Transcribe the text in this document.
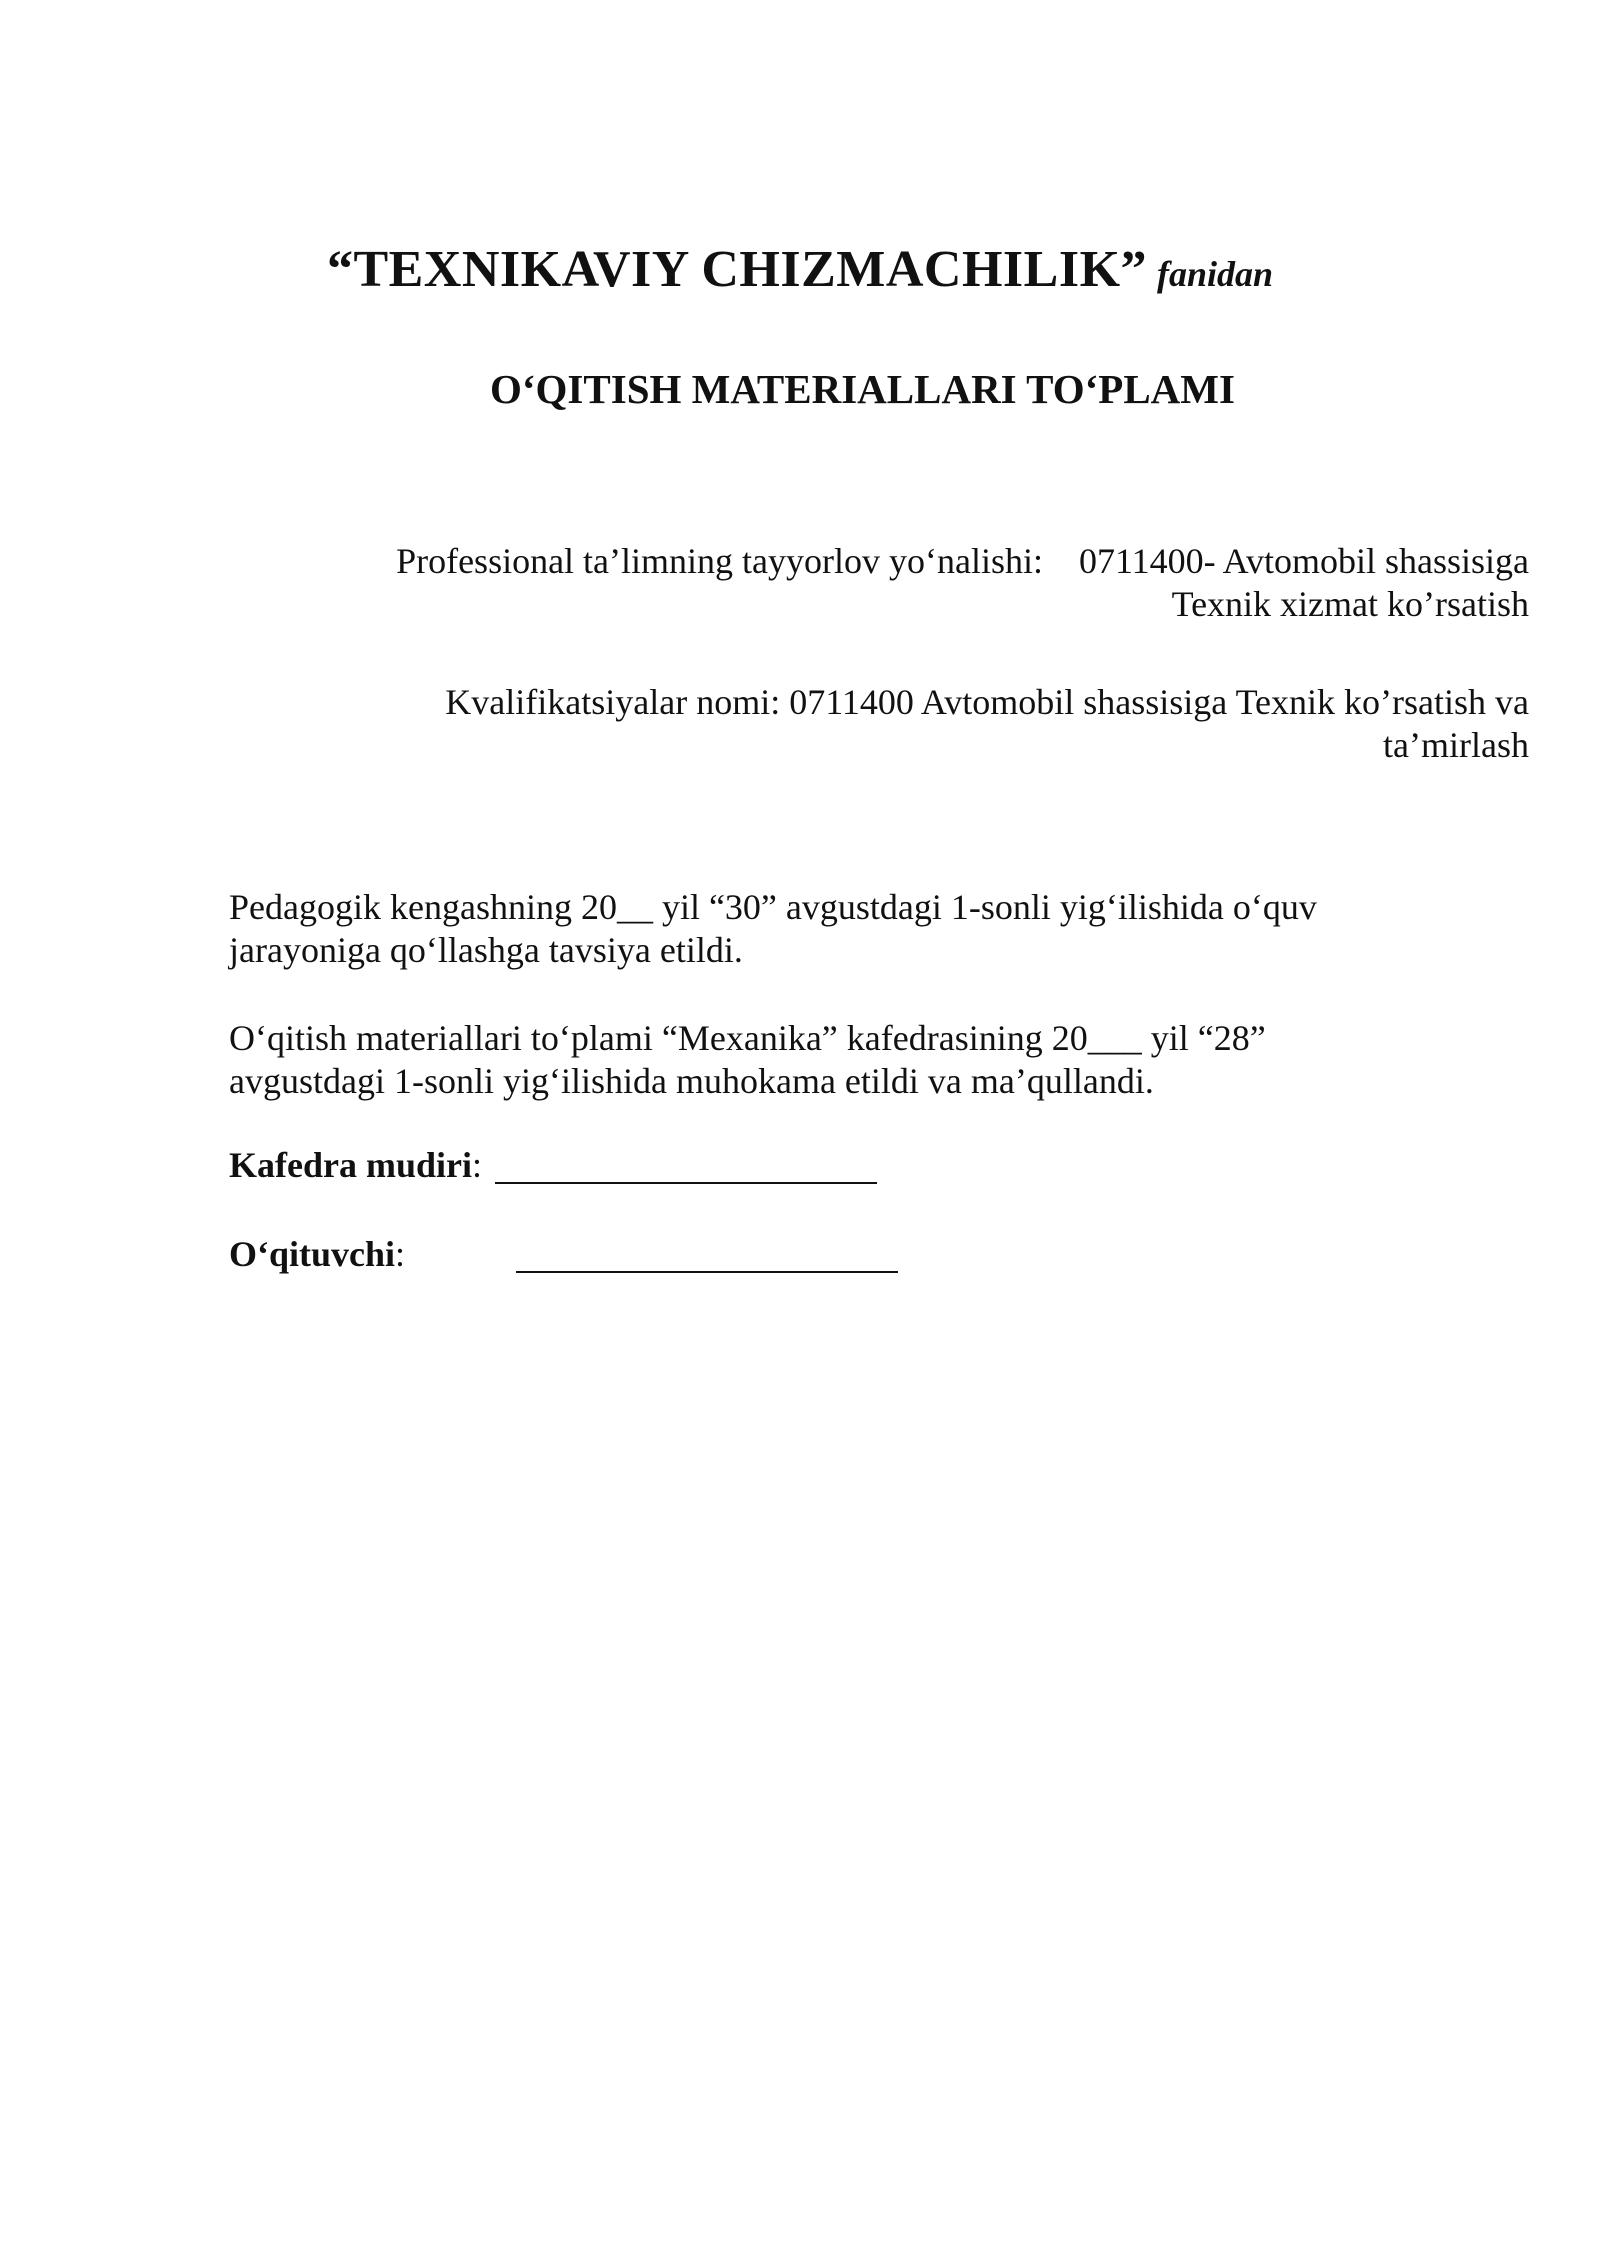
“TEXNIKAVIY CHIZMACHILIK” fanidan
O‘QITISH MATERIALLARI TO‘PLAMI
Professional ta’limning tayyorlov yo‘nalishi: 0711400- Avtomobil shassisiga
Texnik xizmat ko’rsatish
Kvalifikatsiyalar nomi: 0711400 Avtomobil shassisiga Texnik ko’rsatish va
ta’mirlash
Pedagogik kengashning 20__ yil “30” avgustdagi 1-sonli yig‘ilishida o‘quv
jarayoniga qo‘llashga tavsiya etildi.
O‘qitish materiallari to‘plami “Mexanika” kafedrasining 20___ yil “28”
avgustdagi 1-sonli yig‘ilishida muhokama etildi va ma’qullandi.
Kafedra mudiri:
O‘qituvchi:
